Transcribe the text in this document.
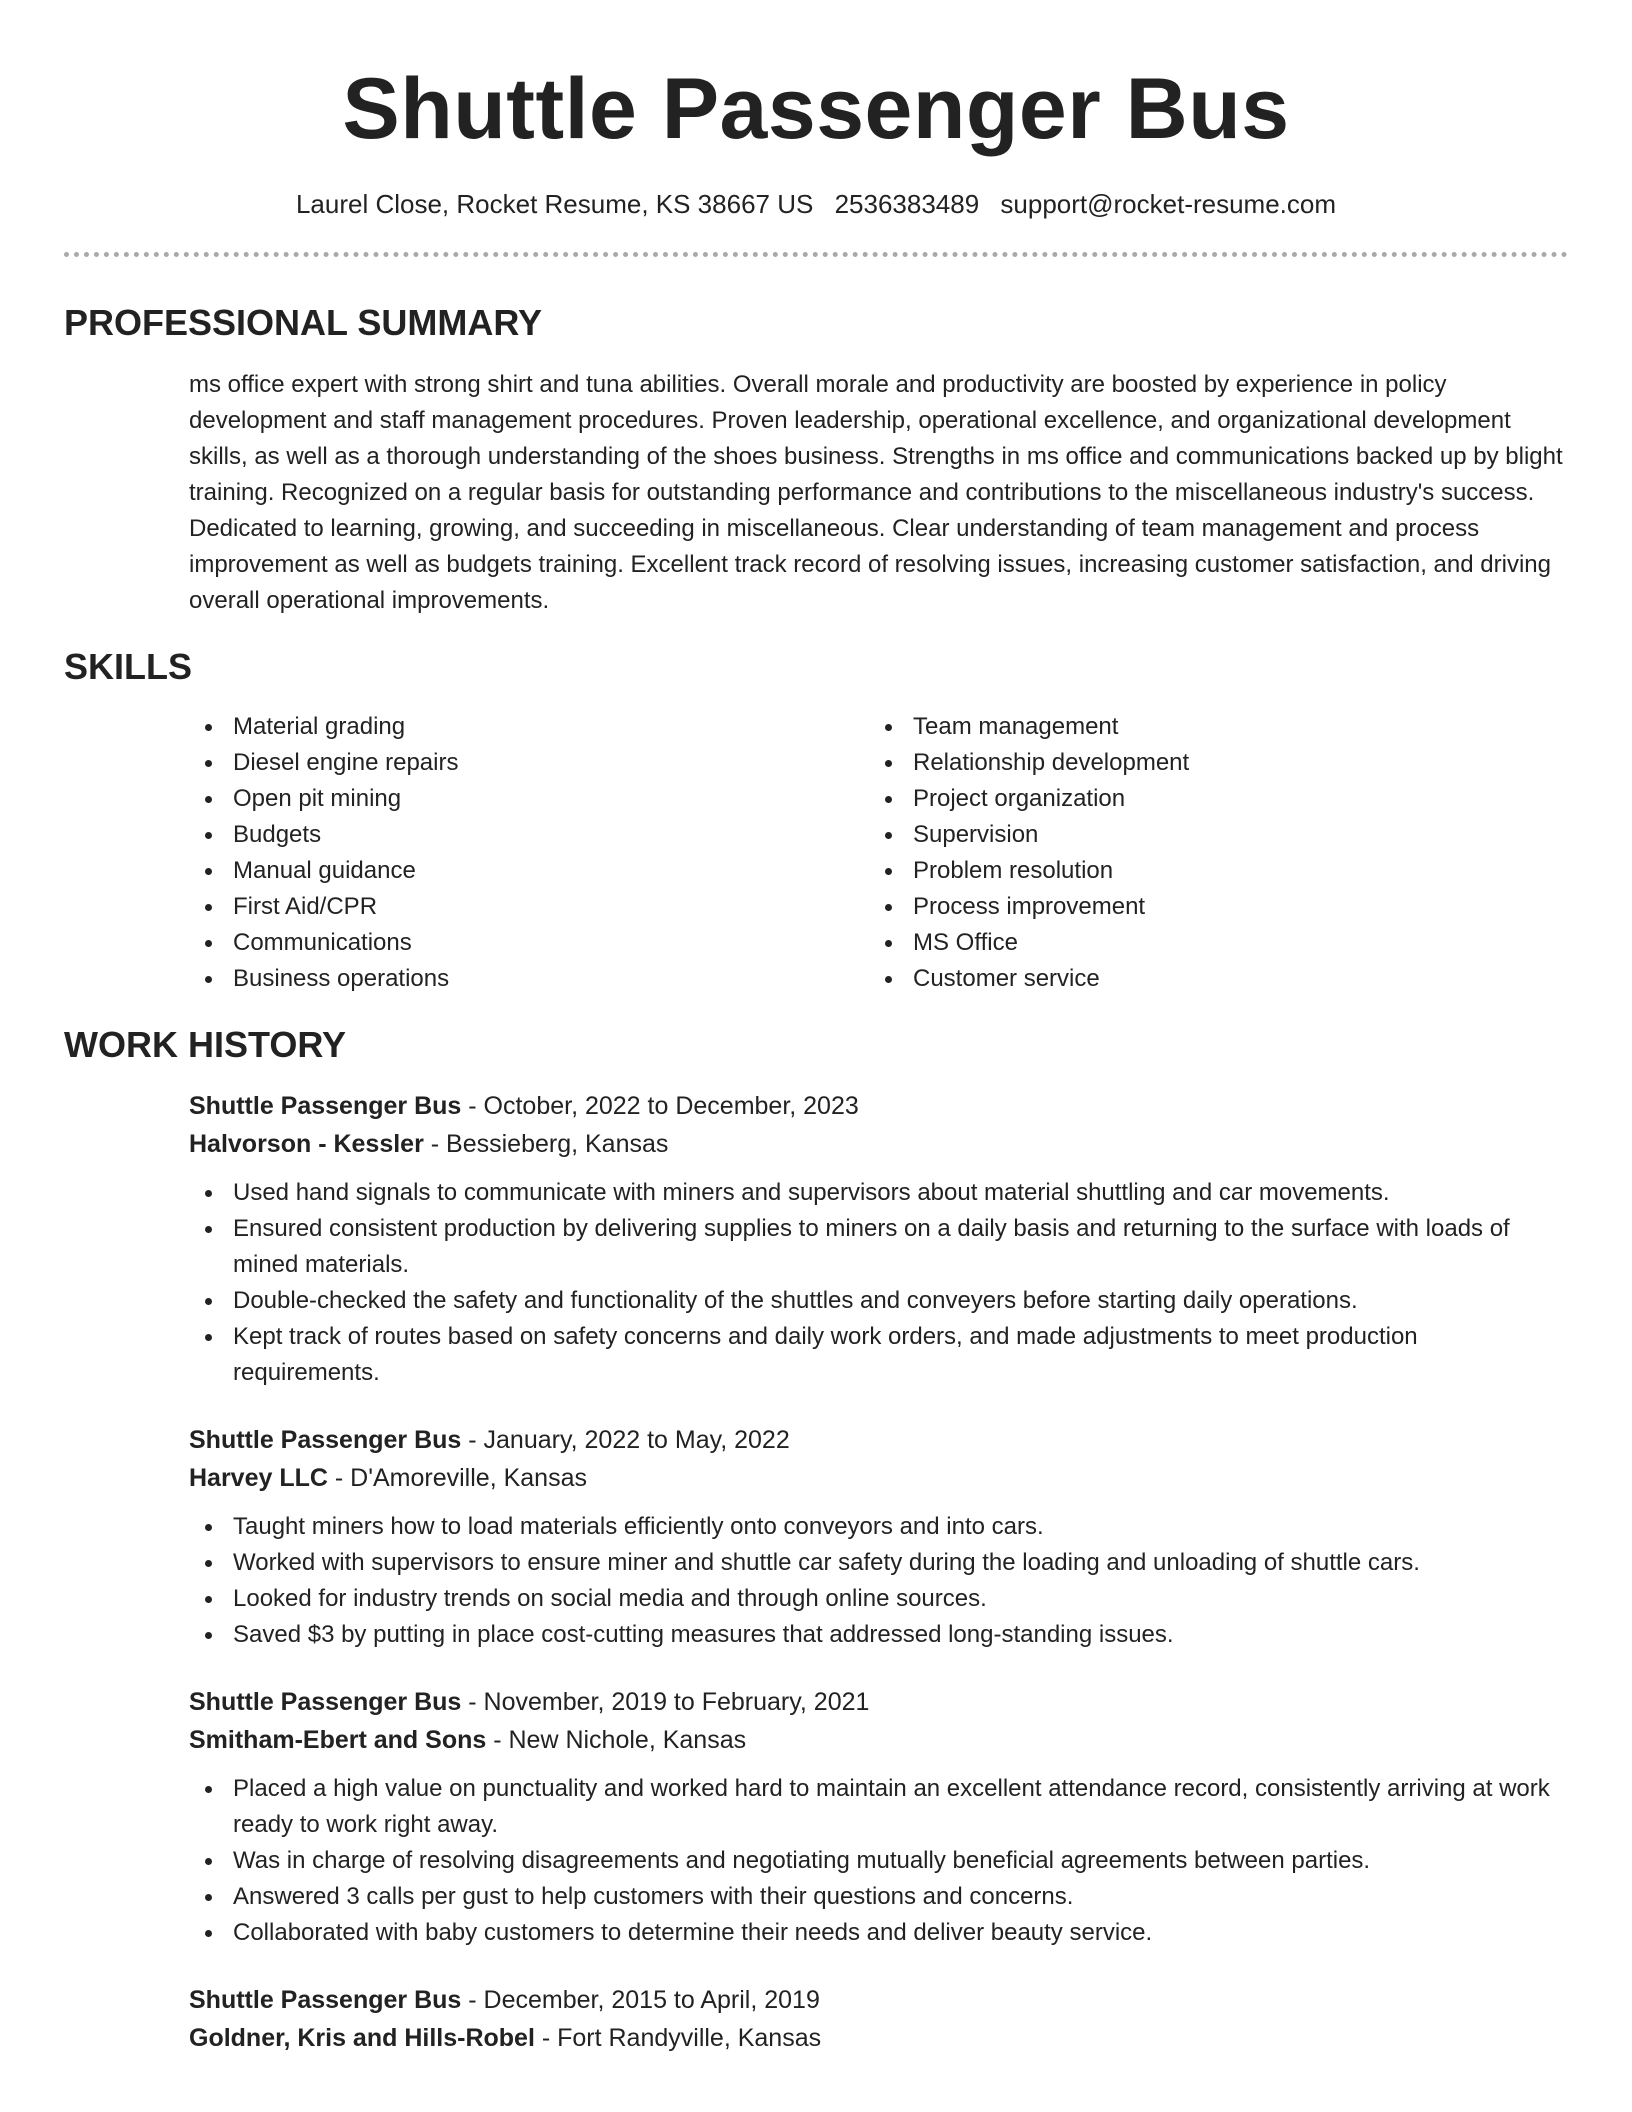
Shuttle Passenger Bus
Laurel Close, Rocket Resume, KS 38667 US 2536383489 support@rocket-resume.com
PROFESSIONAL SUMMARY

ms office expert with strong shirt and tuna abilities. Overall morale and productivity are boosted by experience in policy development and staff management procedures. Proven leadership, operational excellence, and organizational development skills, as well as a thorough understanding of the shoes business. Strengths in ms office and communications backed up by blight training. Recognized on a regular basis for outstanding performance and contributions to the miscellaneous industry's success. Dedicated to learning, growing, and succeeding in miscellaneous. Clear understanding of team management and process improvement as well as budgets training. Excellent track record of resolving issues, increasing customer satisfaction, and driving overall operational improvements.

SKILLS
Material grading
Diesel engine repairs
Open pit mining
Budgets
Manual guidance
First Aid/CPR
Communications
Business operations
Team management
Relationship development
Project organization
Supervision
Problem resolution
Process improvement
MS Office
Customer service
WORK HISTORY
Shuttle Passenger Bus - October, 2022 to December, 2023
Halvorson - Kessler - Bessieberg, Kansas
Used hand signals to communicate with miners and supervisors about material shuttling and car movements.
Ensured consistent production by delivering supplies to miners on a daily basis and returning to the surface with loads of mined materials.
Double-checked the safety and functionality of the shuttles and conveyers before starting daily operations.
Kept track of routes based on safety concerns and daily work orders, and made adjustments to meet production requirements.
Shuttle Passenger Bus - January, 2022 to May, 2022
Harvey LLC - D'Amoreville, Kansas
Taught miners how to load materials efficiently onto conveyors and into cars.
Worked with supervisors to ensure miner and shuttle car safety during the loading and unloading of shuttle cars.
Looked for industry trends on social media and through online sources.
Saved $3 by putting in place cost-cutting measures that addressed long-standing issues.
Shuttle Passenger Bus - November, 2019 to February, 2021
Smitham-Ebert and Sons - New Nichole, Kansas
Placed a high value on punctuality and worked hard to maintain an excellent attendance record, consistently arriving at work ready to work right away.
Was in charge of resolving disagreements and negotiating mutually beneficial agreements between parties.
Answered 3 calls per gust to help customers with their questions and concerns.
Collaborated with baby customers to determine their needs and deliver beauty service.
Shuttle Passenger Bus - December, 2015 to April, 2019
Goldner, Kris and Hills-Robel - Fort Randyville, Kansas
